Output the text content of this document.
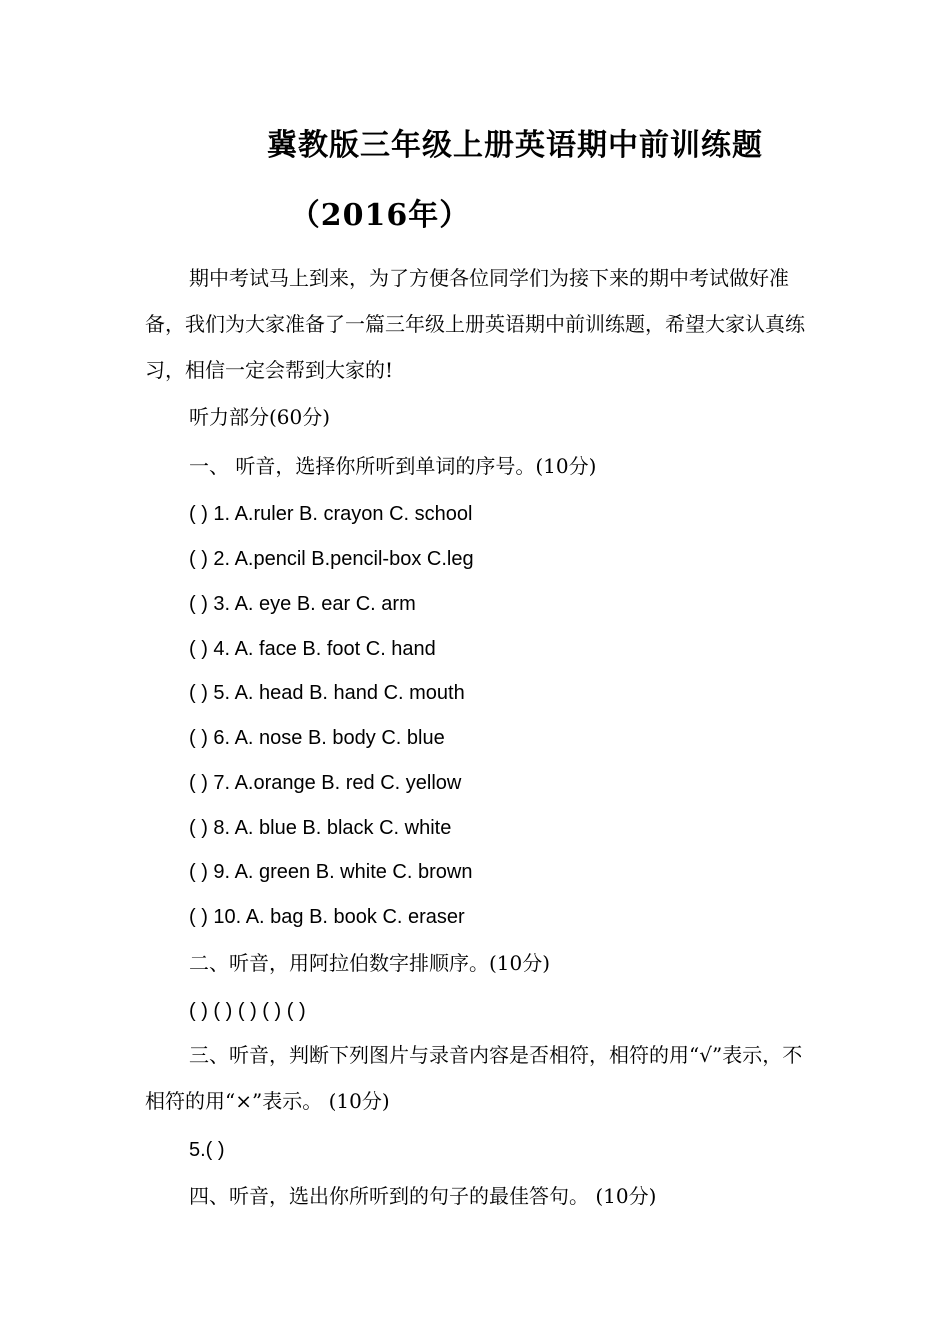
冀教版三年级上册英语期中前训练题
（2016年）
期中考试马上到来，为了方便各位同学们为接下来的期中考试做好准备，我们为大家准备了一篇三年级上册英语期中前训练题，希望大家认真练习，相信一定会帮到大家的!
听力部分(60分)
一、 听音，选择你所听到单词的序号。(10分)
( ) 1. A.ruler B. crayon C. school
( ) 2. A.pencil B.pencil-box C.leg
( ) 3. A. eye B. ear C. arm
( ) 4. A. face B. foot C. hand
( ) 5. A. head B. hand C. mouth
( ) 6. A. nose B. body C. blue
( ) 7. A.orange B. red C. yellow
( ) 8. A. blue B. black C. white
( ) 9. A. green B. white C. brown
( ) 10. A. bag B. book C. eraser
二、听音，用阿拉伯数字排顺序。(10分)
( ) ( ) ( ) ( ) ( )
三、听音，判断下列图片与录音内容是否相符，相符的用“√”表示，不相符的用“×”表示。 (10分)
5.( )
四、听音，选出你所听到的句子的最佳答句。 (10分)
